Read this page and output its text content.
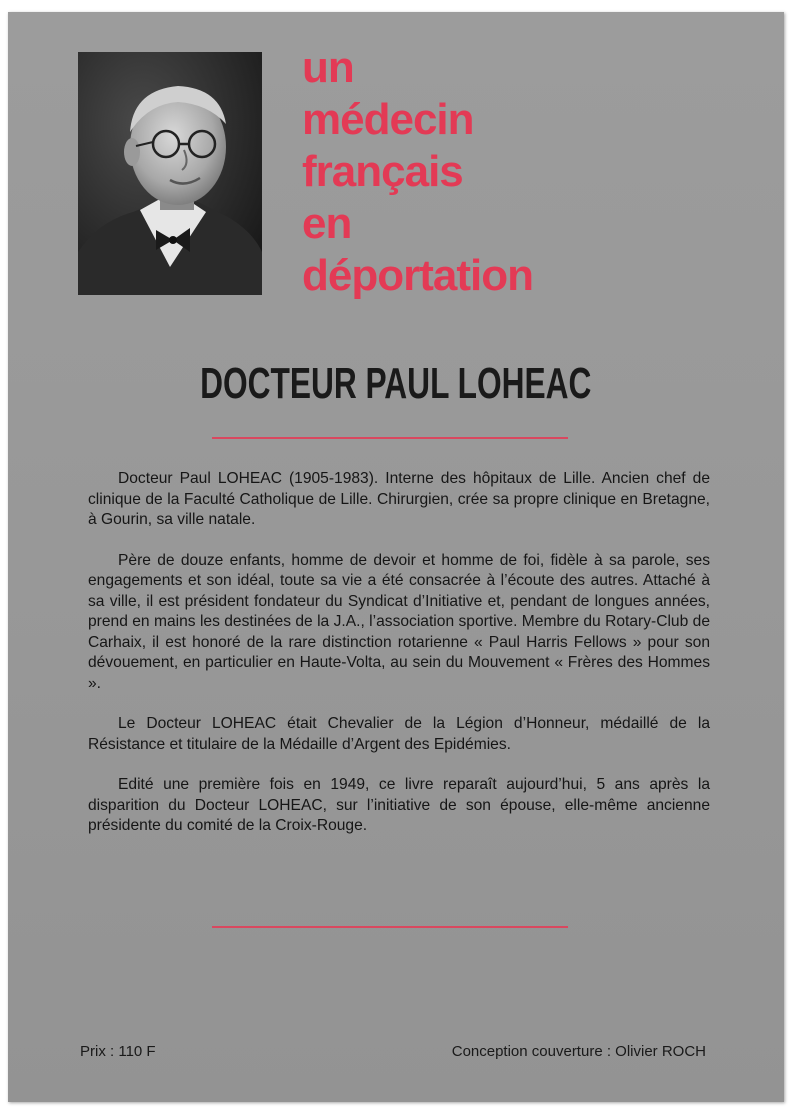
un
médecin
français
en
déportation
DOCTEUR PAUL LOHEAC

Docteur Paul LOHEAC (1905-1983). Interne des hôpitaux de Lille. Ancien chef de clinique de la Faculté Catholique de Lille. Chirurgien, crée sa propre clinique en Bretagne, à Gourin, sa ville natale.

Père de douze enfants, homme de devoir et homme de foi, fidèle à sa parole, ses engagements et son idéal, toute sa vie a été consacrée à l’écoute des autres. Attaché à sa ville, il est président fondateur du Syndicat d’Initiative et, pendant de longues années, prend en mains les destinées de la J.A., l’association sportive. Membre du Rotary-Club de Carhaix, il est honoré de la rare distinction rotarienne « Paul Harris Fellows » pour son dévouement, en particulier en Haute-Volta, au sein du Mouvement « Frères des Hommes ».

Le Docteur LOHEAC était Chevalier de la Légion d’Honneur, médaillé de la Résistance et titulaire de la Médaille d’Argent des Epidémies.

Edité une première fois en 1949, ce livre reparaît aujourd’hui, 5 ans après la disparition du Docteur LOHEAC, sur l’initiative de son épouse, elle-même ancienne présidente du comité de la Croix-Rouge.

Prix : 110 F	Conception couverture : Olivier ROCH
